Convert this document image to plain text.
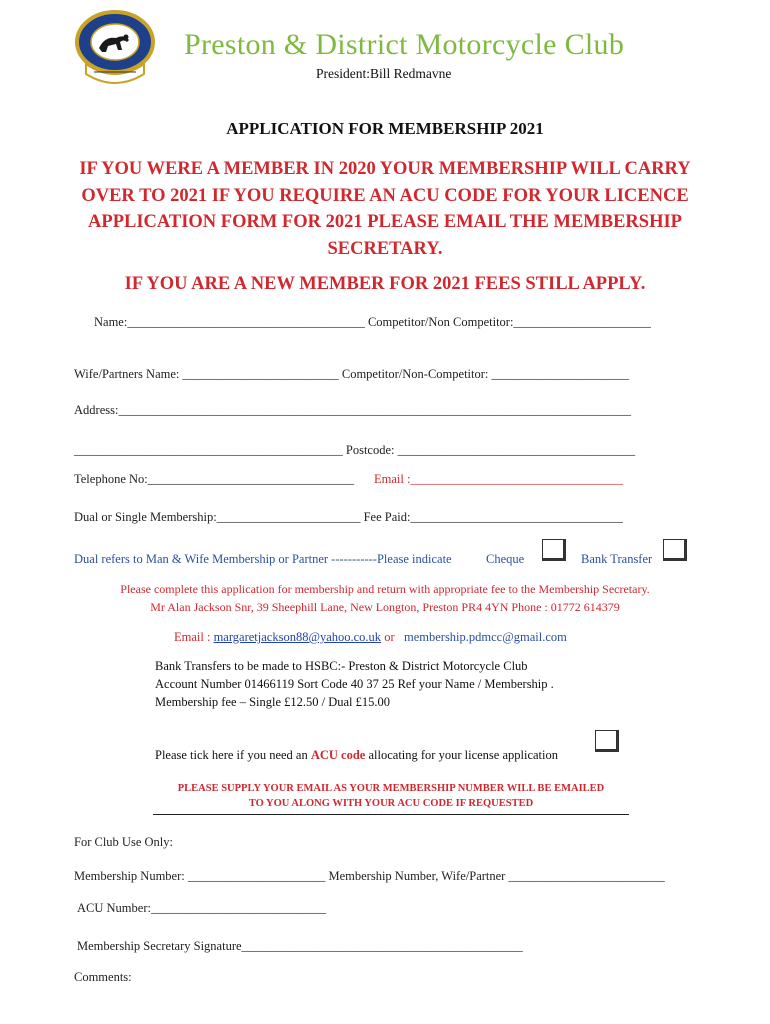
Preston & District Motorcycle Club
President:Bill Redmavne
APPLICATION FOR MEMBERSHIP 2021
IF YOU WERE A MEMBER IN 2020 YOUR MEMBERSHIP WILL CARRY OVER TO 2021 IF YOU REQUIRE AN ACU CODE FOR YOUR LICENCE APPLICATION FORM FOR 2021 PLEASE EMAIL THE MEMBERSHIP SECRETARY.
IF YOU ARE A NEW MEMBER FOR 2021 FEES STILL APPLY.
Name:______________________________________ Competitor/Non Competitor:______________________
Wife/Partners Name: _________________________ Competitor/Non-Competitor: ______________________
Address:__________________________________________________________________________________
___________________________________________ Postcode: ______________________________________
Telephone No:_________________________________ Email :__________________________________
Dual or Single Membership:_______________________ Fee Paid:__________________________________
Dual refers to Man & Wife Membership or Partner -----------Please indicate	Cheque	Bank Transfer
Please complete this application for membership and return with appropriate fee to the Membership Secretary.
Mr Alan Jackson Snr, 39 Sheephill Lane, New Longton, Preston PR4 4YN Phone : 01772 614379
Email : margaretjackson88@yahoo.co.uk or membership.pdmcc@gmail.com
Bank Transfers to be made to HSBC:- Preston & District Motorcycle Club
Account Number 01466119 Sort Code 40 37 25 Ref your Name / Membership .
Membership fee – Single £12.50 / Dual £15.00
Please tick here if you need an ACU code allocating for your license application
PLEASE SUPPLY YOUR EMAIL AS YOUR MEMBERSHIP NUMBER WILL BE EMAILED
TO YOU ALONG WITH YOUR ACU CODE IF REQUESTED
For Club Use Only:
Membership Number: ______________________ Membership Number, Wife/Partner _________________________
ACU Number:____________________________
Membership Secretary Signature_____________________________________________
Comments:
